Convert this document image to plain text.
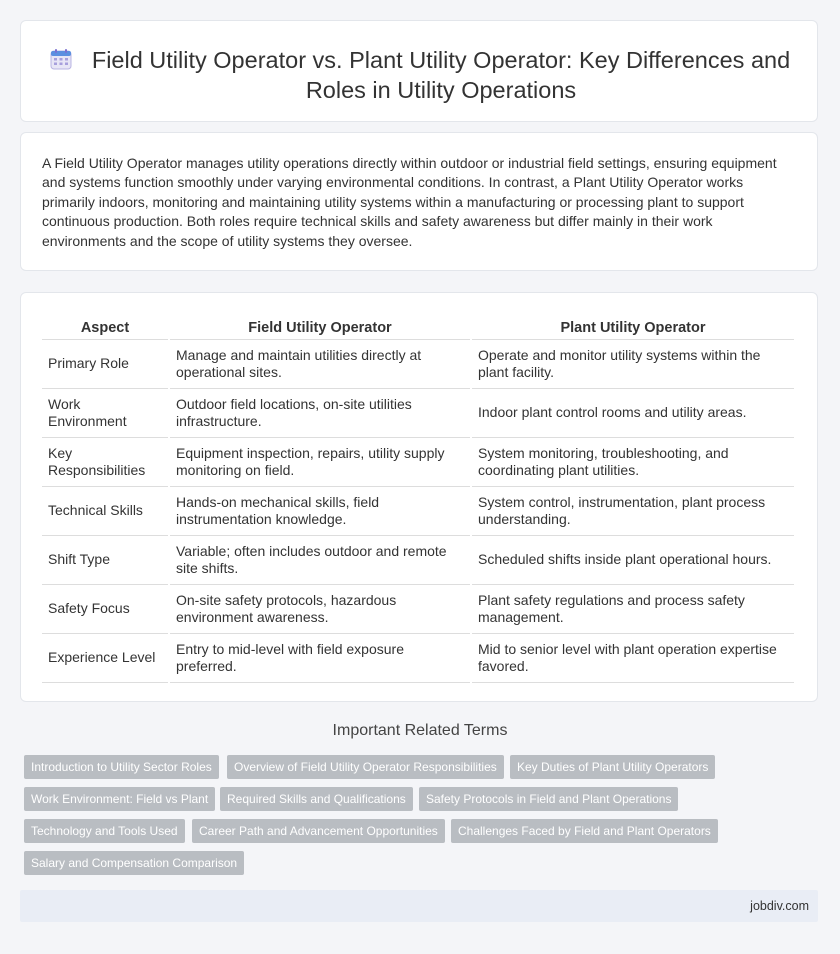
Field Utility Operator vs. Plant Utility Operator: Key Differences and Roles in Utility Operations

A Field Utility Operator manages utility operations directly within outdoor or industrial field settings, ensuring equipment and systems function smoothly under varying environmental conditions. In contrast, a Plant Utility Operator works primarily indoors, monitoring and maintaining utility systems within a manufacturing or processing plant to support continuous production. Both roles require technical skills and safety awareness but differ mainly in their work environments and the scope of utility systems they oversee.

Aspect	Field Utility Operator	Plant Utility Operator
Primary Role	Manage and maintain utilities directly at operational sites.	Operate and monitor utility systems within the plant facility.
Work Environment	Outdoor field locations, on-site utilities infrastructure.	Indoor plant control rooms and utility areas.
Key Responsibilities	Equipment inspection, repairs, utility supply monitoring on field.	System monitoring, troubleshooting, and coordinating plant utilities.
Technical Skills	Hands-on mechanical skills, field instrumentation knowledge.	System control, instrumentation, plant process understanding.
Shift Type	Variable; often includes outdoor and remote site shifts.	Scheduled shifts inside plant operational hours.
Safety Focus	On-site safety protocols, hazardous environment awareness.	Plant safety regulations and process safety management.
Experience Level	Entry to mid-level with field exposure preferred.	Mid to senior level with plant operation expertise favored.
Important Related Terms
Introduction to Utility Sector Roles	Overview of Field Utility Operator Responsibilities	Key Duties of Plant Utility Operators
Work Environment: Field vs Plant	Required Skills and Qualifications	Safety Protocols in Field and Plant Operations
Technology and Tools Used	Career Path and Advancement Opportunities	Challenges Faced by Field and Plant Operators
Salary and Compensation Comparison
jobdiv.com
